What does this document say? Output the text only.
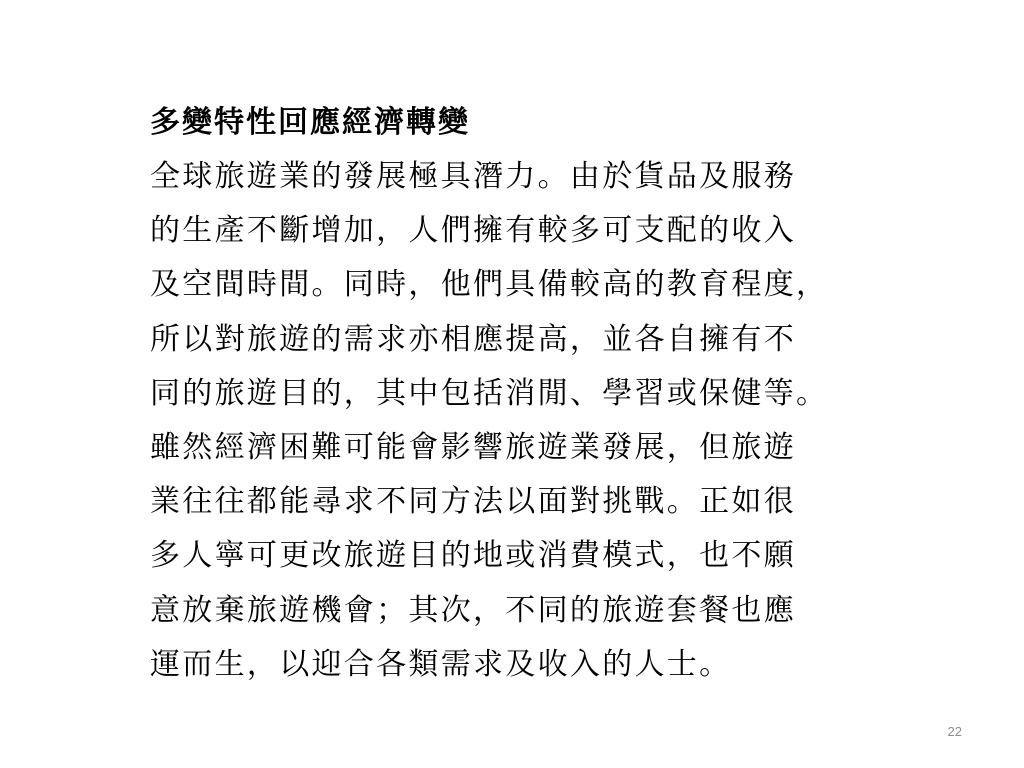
多變特性回應經濟轉變
全球旅遊業的發展極具潛力。由於貨品及服務
的生產不斷增加，人們擁有較多可支配的收入
及空間時間。同時，他們具備較高的教育程度，
所以對旅遊的需求亦相應提高，並各自擁有不
同的旅遊目的，其中包括消閒、學習或保健等。
雖然經濟困難可能會影響旅遊業發展，但旅遊
業往往都能尋求不同方法以面對挑戰。正如很
多人寧可更改旅遊目的地或消費模式，也不願
意放棄旅遊機會；其次，不同的旅遊套餐也應
運而生，以迎合各類需求及收入的人士。
22
